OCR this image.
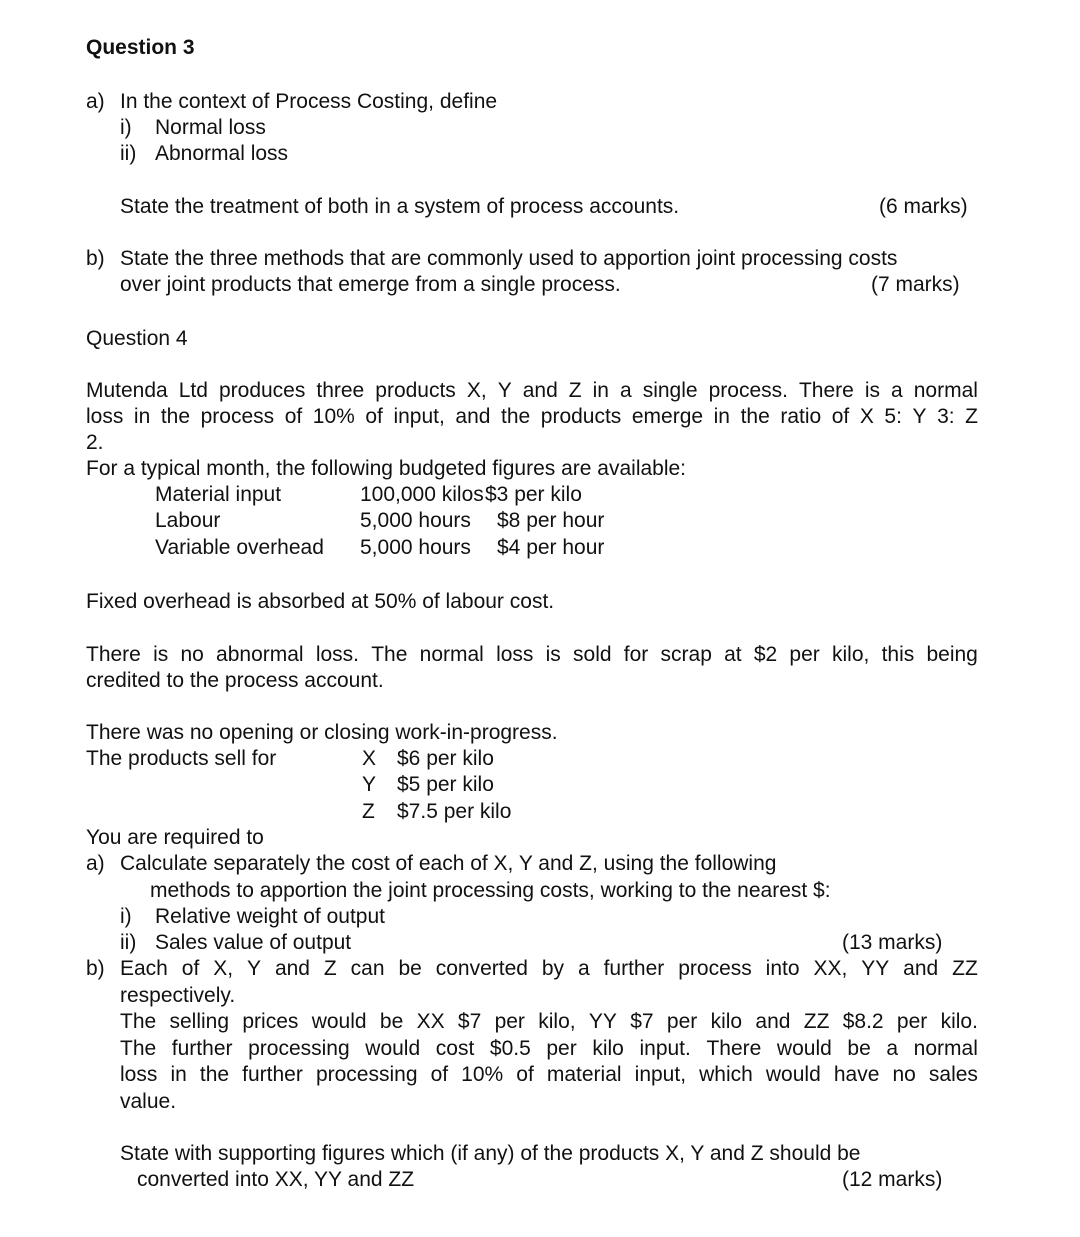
Question 3
a) In the context of Process Costing, define
i) Normal loss
ii) Abnormal loss
State the treatment of both in a system of process accounts.	(6 marks)
b) State the three methods that are commonly used to apportion joint processing costs
over joint products that emerge from a single process.	(7 marks)
Question 4
Mutenda Ltd produces three products X, Y and Z in a single process. There is a normal
loss in the process of 10% of input, and the products emerge in the ratio of X 5: Y 3: Z
2.
For a typical month, the following budgeted figures are available:
Material input	100,000 kilos $3 per kilo
Labour	5,000 hours $8 per hour
Variable overhead 5,000 hours $4 per hour
Fixed overhead is absorbed at 50% of labour cost.
There is no abnormal loss. The normal loss is sold for scrap at $2 per kilo, this being
credited to the process account.
There was no opening or closing work-in-progress.
The products sell for	X $6 per kilo
Y $5 per kilo
Z $7.5 per kilo
You are required to
a) Calculate separately the cost of each of X, Y and Z, using the following
methods to apportion the joint processing costs, working to the nearest $:
i) Relative weight of output
ii) Sales value of output	(13 marks)
b) Each of X, Y and Z can be converted by a further process into XX, YY and ZZ
respectively.
The selling prices would be XX $7 per kilo, YY $7 per kilo and ZZ $8.2 per kilo.
The further processing would cost $0.5 per kilo input. There would be a normal
loss in the further processing of 10% of material input, which would have no sales
value.
State with supporting figures which (if any) of the products X, Y and Z should be
converted into XX, YY and ZZ	(12 marks)
